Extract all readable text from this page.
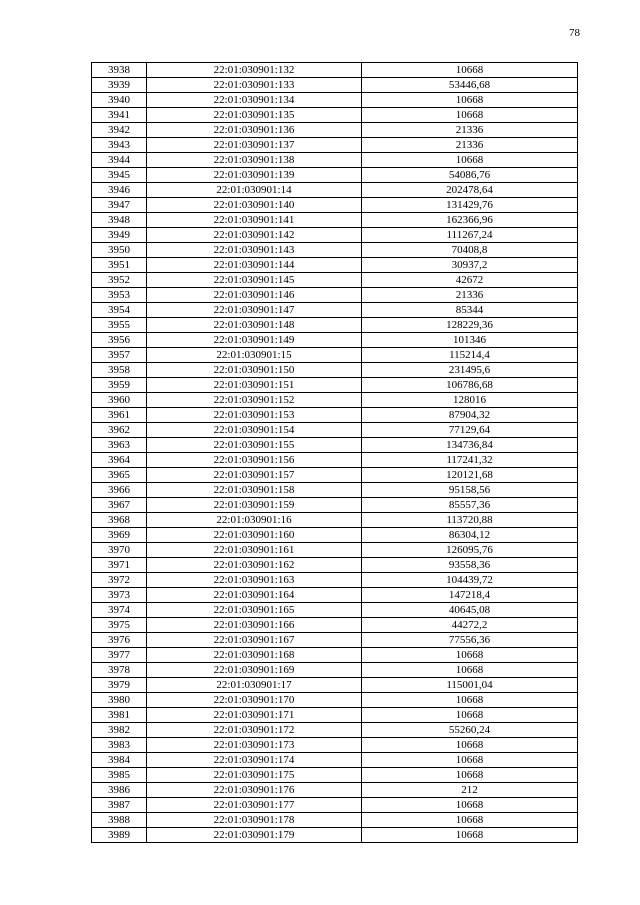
78
3938	22:01:030901:132	10668
3939	22:01:030901:133	53446,68
3940	22:01:030901:134	10668
3941	22:01:030901:135	10668
3942	22:01:030901:136	21336
3943	22:01:030901:137	21336
3944	22:01:030901:138	10668
3945	22:01:030901:139	54086,76
3946	22:01:030901:14	202478,64
3947	22:01:030901:140	131429,76
3948	22:01:030901:141	162366,96
3949	22:01:030901:142	111267,24
3950	22:01:030901:143	70408,8
3951	22:01:030901:144	30937,2
3952	22:01:030901:145	42672
3953	22:01:030901:146	21336
3954	22:01:030901:147	85344
3955	22:01:030901:148	128229,36
3956	22:01:030901:149	101346
3957	22:01:030901:15	115214,4
3958	22:01:030901:150	231495,6
3959	22:01:030901:151	106786,68
3960	22:01:030901:152	128016
3961	22:01:030901:153	87904,32
3962	22:01:030901:154	77129,64
3963	22:01:030901:155	134736,84
3964	22:01:030901:156	117241,32
3965	22:01:030901:157	120121,68
3966	22:01:030901:158	95158,56
3967	22:01:030901:159	85557,36
3968	22:01:030901:16	113720,88
3969	22:01:030901:160	86304,12
3970	22:01:030901:161	126095,76
3971	22:01:030901:162	93558,36
3972	22:01:030901:163	104439,72
3973	22:01:030901:164	147218,4
3974	22:01:030901:165	40645,08
3975	22:01:030901:166	44272,2
3976	22:01:030901:167	77556,36
3977	22:01:030901:168	10668
3978	22:01:030901:169	10668
3979	22:01:030901:17	115001,04
3980	22:01:030901:170	10668
3981	22:01:030901:171	10668
3982	22:01:030901:172	55260,24
3983	22:01:030901:173	10668
3984	22:01:030901:174	10668
3985	22:01:030901:175	10668
3986	22:01:030901:176	212
3987	22:01:030901:177	10668
3988	22:01:030901:178	10668
3989	22:01:030901:179	10668
